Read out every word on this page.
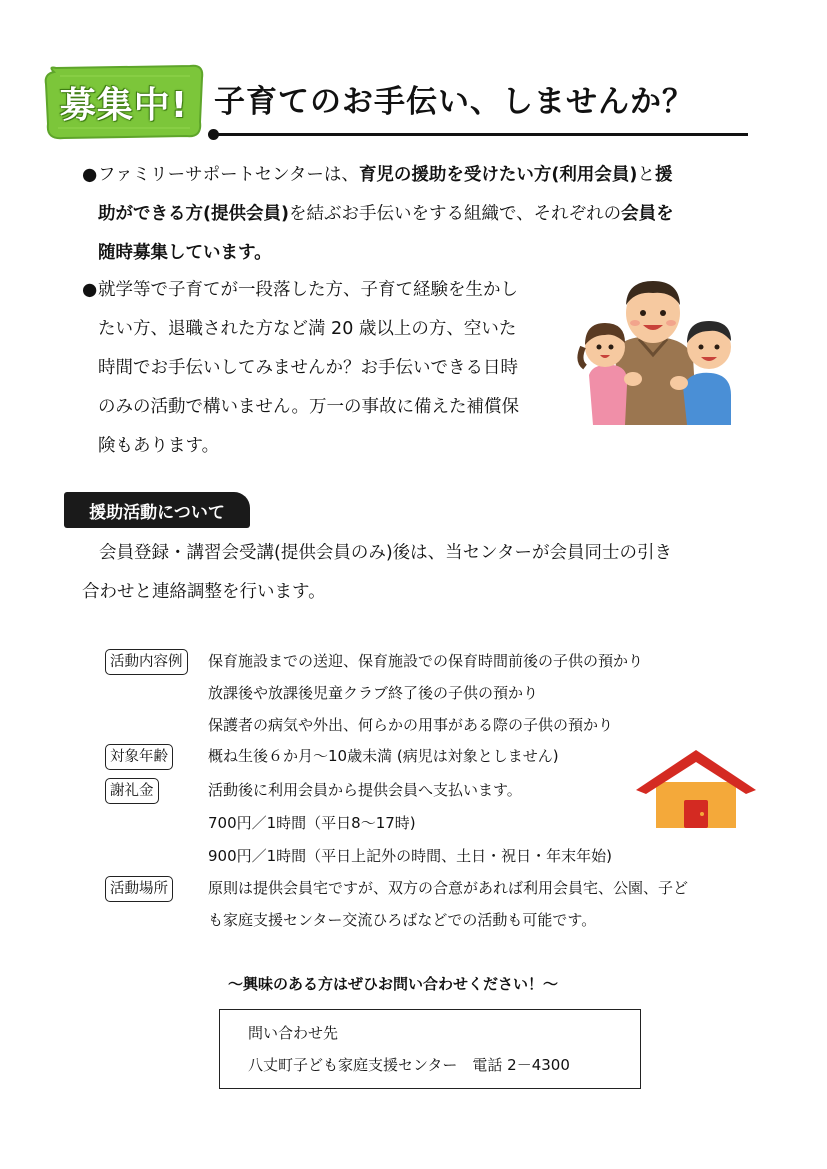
募集中! 子育てのお手伝い、しませんか？
●ファミリーサポートセンターは、育児の援助を受けたい方(利用会員)と援
助ができる方(提供会員)を結ぶお手伝いをする組織で、それぞれの会員を
随時募集しています。
●就学等で子育てが一段落した方、子育て経験を生かし
たい方、退職された方など満 20 歳以上の方、空いた
時間でお手伝いしてみませんか？お手伝いできる日時
のみの活動で構いません。万一の事故に備えた補償保
険もあります。
援助活動について
会員登録・講習会受講(提供会員のみ)後は、当センターが会員同士の引き
合わせと連絡調整を行います。
活動内容例	保育施設までの送迎、保育施設での保育時間前後の子供の預かり
放課後や放課後児童クラブ終了後の子供の預かり
保護者の病気や外出、何らかの用事がある際の子供の預かり
対象年齢	概ね生後６か月～10歳未満 (病児は対象としません)
謝礼金	活動後に利用会員から提供会員へ支払います。
700円／1時間（平日8～17時)
900円／1時間（平日上記外の時間、土日・祝日・年末年始)
活動場所	原則は提供会員宅ですが、双方の合意があれば利用会員宅、公園、子ど
も家庭支援センター交流ひろばなどでの活動も可能です。
～興味のある方はぜひお問い合わせください！～
問い合わせ先
八丈町子ども家庭支援センター　電話 2－4300
